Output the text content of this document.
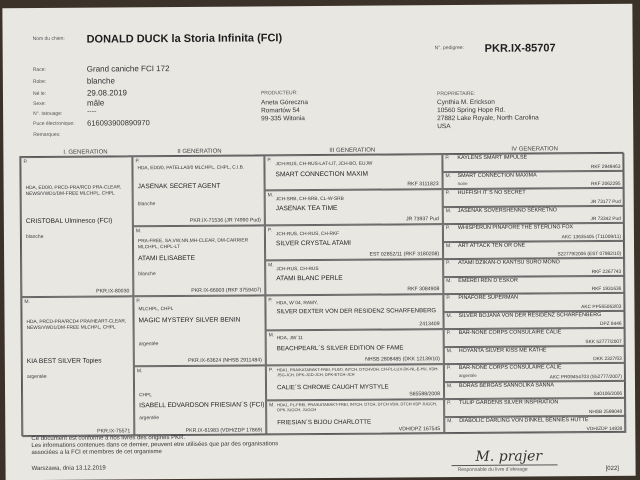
Nom du chien: DONALD DUCK la Storia Infinita (FCI)
N°. pedigree: PKR.IX-85707
Race:	Grand caniche FCI 172
Robe:	blanche
Né le:	29.08.2019
Sexe:	mâle
N°. tatouage:	----
Puce électronique: 616093900890970
Remarques:
PRODUCTEUR:
Aneta Góreczna
Romartów 54
99-335 Witonia
PROPRIETAIRE:
Cynthia M. Erickson
10560 Spring Hope Rd.
27882 Lake Royale, North Carolina
USA
I. GENERATION	II GENERATION	III GENERATION	IV GENERATION
P.
HDA, ED0/0, PRCD-PRA/RCD PRA-CLEAR, NEWS/VWD1/DM-FREE MLCHPL, CHPL
CRISTOBAL Ulminesco (FCI)
blanche
PKR.IX-80030
M.
HDA, PRCD-PRA/RCD4 PRA/HEART-CLEAR, NEWS/VWD1/DM-FREE MLCHPL, CHPL
KIA BEST SILVER Topies
argentée
PKR.IX-75571
P.
HDA, ED0/0, PATELLA0/0 MLCHPL, CHPL, C.I.B.
JASENAK SECRET AGENT
blanche
PKR.IX-71536 (JR 74990 Pud)
M.
PRA-FREE, SA,VW,NN,MH-CLEAR, DM-CARRIER MLCHPL, CHPL-LT
ATAMI ELISABETE
blanche
PKR.IX-66903 (RKF 3759407)
P.
MLCHPL, CHPL
MAGIC MYSTERY SILVER BENIN
argentée
PKR.IX-63624 (NHSB 2911484)
M.
CHPL
ISABELL EDVARDSON FRIESIAN´S (FCI)
argentée
PKR.IX-61983 (VDH/ZDP 17869)
P.
JCH-RUS, CH-RUS-LAT-LIT, JCH-BO, EUJW
SMART CONNECTION MAXIM
RKF 3111823
M.
JCH-SRB, CH-SRB, CL-W-SRB
JASENAK TEA TIME
JR 73937 Pud
P.
JCH-RUS, CH-RUS, CH-RKF
SILVER CRYSTAL ATAMI
EST 02852/11 (RKF 3180208)
M.
JCH-RUS, CH-RUS
ATAMI BLANC PERLE
RKF 3084908
P.
HDA, W´04, RAMY,
SILVER DEXTER VON DER RESIDENZ SCHARFENBERG
2413409
M.
HDA, JW´11
BEACHPEARL´S SILVER EDITION OF FAME
NHSB 2808485 (DKK 12139/10)
P. HDA1, PRA/KATARAKT-FREI, PL0/0, INTCH, DTCHVDH, CH-PL-LUX-DK-NL-E-HU, VDH-JSG-JCH, DPK-JGD-JCH, DPK-ETCH-JCH
CALIE´S CHROME CAUGHT MYSTYLE
S65588/2008
M. HDA1, PL-FREI, PRA/KATARAKT-FREI, INTCH, DTCH, DTCH VDH, DTCH VDP JUGCH, DPK JUGCH, JUGCH
FRIESIAN´S BIJOU CHARLOTTE
VDH/DPZ 167545
P. KAYLENS SMART IMPULSE
RKF 2949463
M. SMART CONNECTION MAXIMA
noire	RKF 2062295
P. HUFFISH IT´S NO SECRET
JR 73177 Pud
M. JASENAK SOVERSHENNO SEKRETNO
JR 73342 Pud
P. WHISPERUN PINAFORE THE STERLING FOX
AKC 13635405 (T11009/11)
M. ART ATTACK TEN OR ONE
S22779/2006 (EST 07982/10)
P. ATAMI DZIKAN-O KANTSU SURO MONO
RKF 2267743
M. EMEREI REN D´ESKOR
RKF 1931636
P. PINAFORE SUPERMAN
AKC PP565063/03
M. SILVER BOJANA VON DER RESIDENZ SCHARFENBERG
DPZ 8446
P. BAR-NONE CORPS CONSULAIRE CALIE
SKK 52777/2007
M. HOYANTA SILVER KISS ME KATHE
DKK 2327/03
P. BAR-NONE CORPS CONSULAIRE CALIE
argentée	AKC PR09454703 (S52777/2007)
M. BORAS BERGAS SANNOLIKA SANNA
S40106/2006
P. TULIP GARDENS SILVER INSPIRATION
NHSB 2599048
M. DIABOLIC DARLING VON DINKEL BENNIES HÜTTE
VDH/ZDP 14939
Ce document est conforme à nos livres des origines PKR.
Les informations contenues dans ce dernier, peuvent etre utilisées que par des organisations
associées a la FCI et membres de cet organisme
Warszawa, dnia 13.12.2019
M. prajer
Responsable du livre d´elevage	[022]
